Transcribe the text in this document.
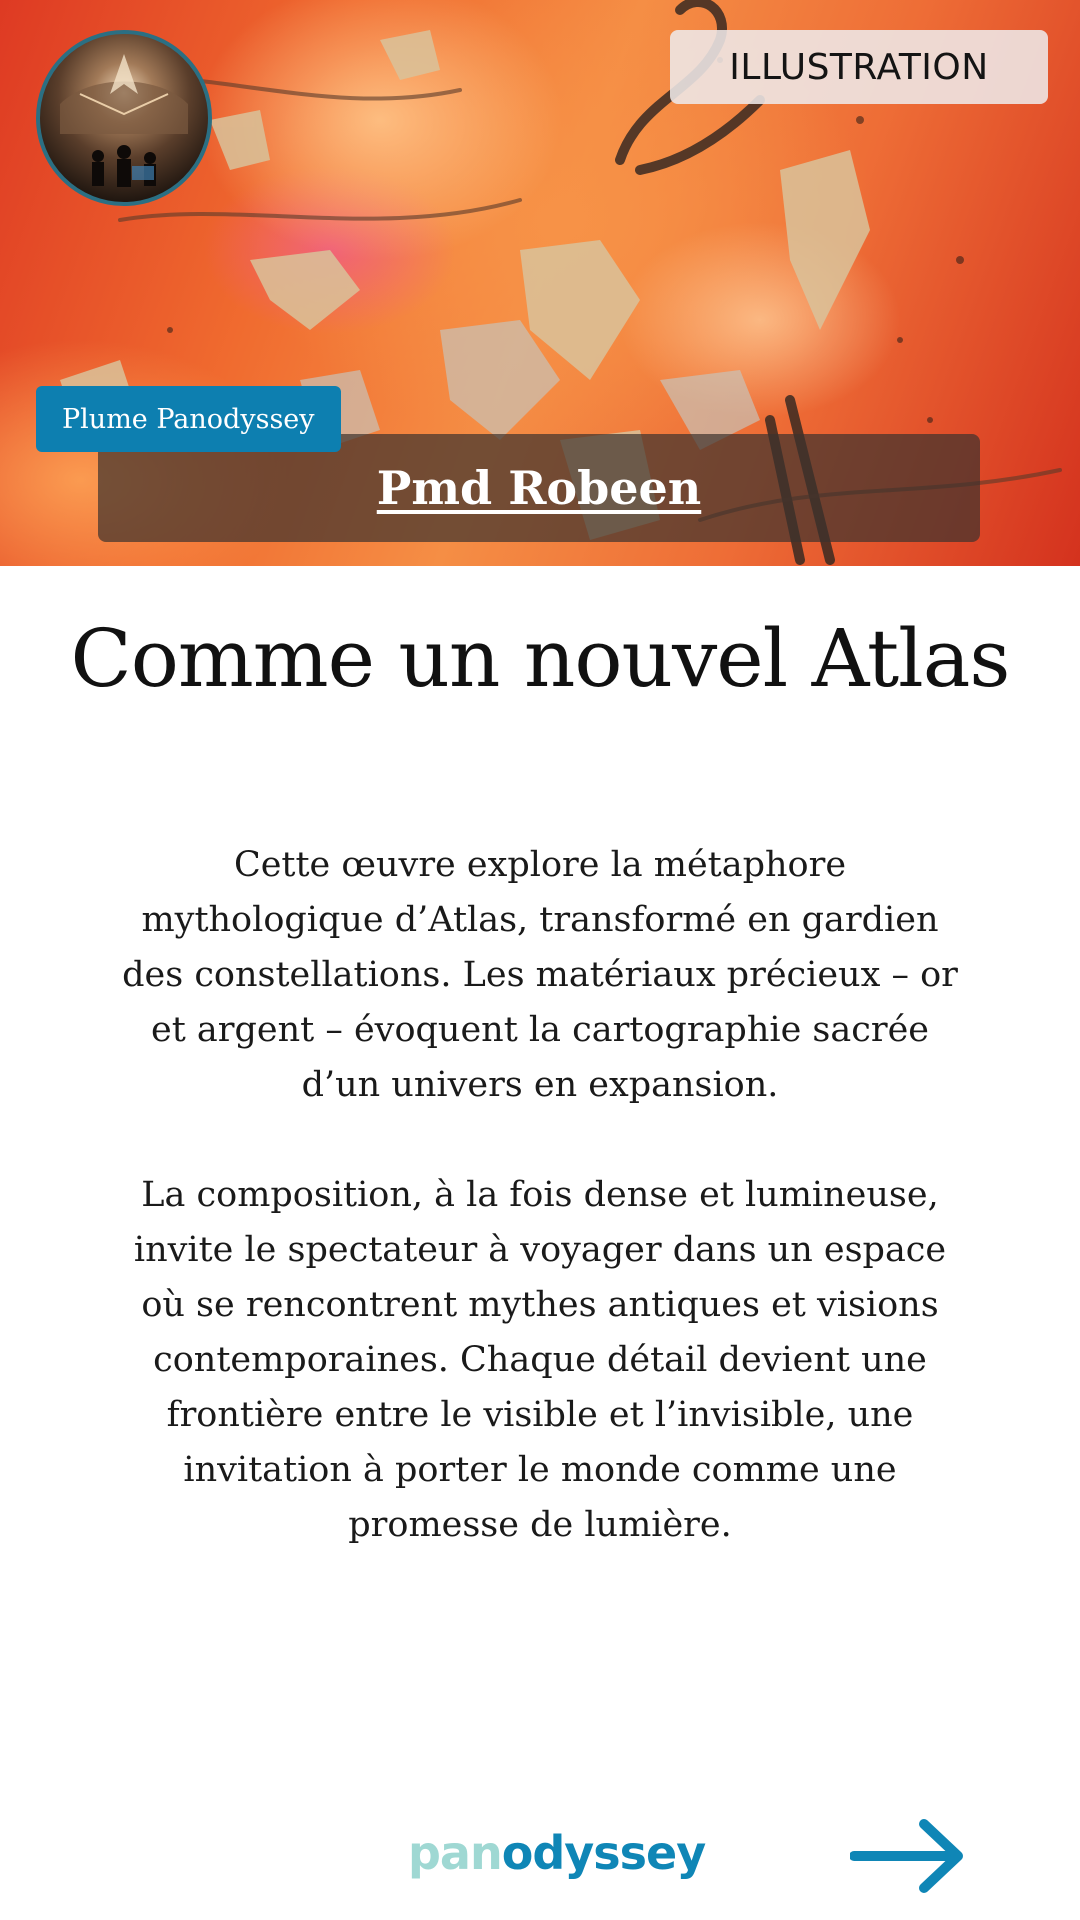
ILLUSTRATION
Pmd Robeen
Plume Panodyssey
Comme un nouvel Atlas

Cette œuvre explore la métaphore mythologique d’Atlas, transformé en gardien des constellations. Les matériaux précieux – or et argent – évoquent la cartographie sacrée d’un univers en expansion.

La composition, à la fois dense et lumineuse, invite le spectateur à voyager dans un espace où se rencontrent mythes antiques et visions contemporaines. Chaque détail devient une frontière entre le visible et l’invisible, une invitation à porter le monde comme une promesse de lumière.

panodyssey
